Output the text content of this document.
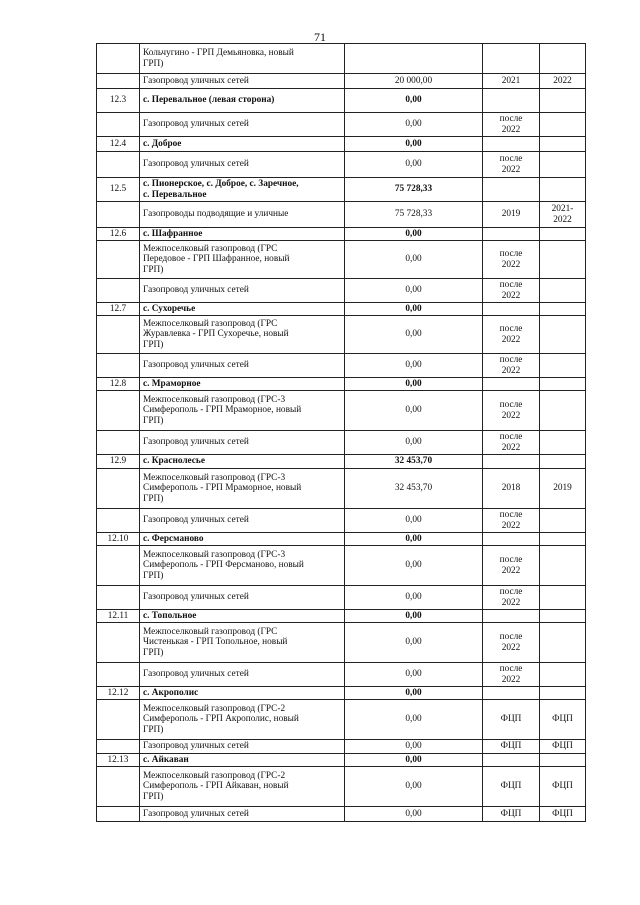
71
	Кольчугино - ГРП Демьяновка, новый
ГРП)			
	Газопровод уличных сетей	20 000,00	2021	2022
12.3	с. Перевальное (левая сторона)	0,00		
	Газопровод уличных сетей	0,00	после
2022	
12.4	с. Доброе	0,00		
	Газопровод уличных сетей	0,00	после
2022	
12.5	с. Пионерское, с. Доброе, с. Заречное,
с. Перевальное	75 728,33		
	Газопроводы подводящие и уличные	75 728,33	2019	2021-
2022
12.6	с. Шафранное	0,00		
	Межпоселковый газопровод (ГРС
Передовое - ГРП Шафранное, новый
ГРП)	0,00	после
2022	
	Газопровод уличных сетей	0,00	после
2022	
12.7	с. Сухоречье	0,00		
	Межпоселковый газопровод (ГРС
Журавлевка - ГРП Сухоречье, новый
ГРП)	0,00	после
2022	
	Газопровод уличных сетей	0,00	после
2022	
12.8	с. Мраморное	0,00		
	Межпоселковый газопровод (ГРС-3
Симферополь - ГРП Мраморное, новый
ГРП)	0,00	после
2022	
	Газопровод уличных сетей	0,00	после
2022	
12.9	с. Краснолесье	32 453,70		
	Межпоселковый газопровод (ГРС-3
Симферополь - ГРП Мраморное, новый
ГРП)	32 453,70	2018	2019
	Газопровод уличных сетей	0,00	после
2022	
12.10	с. Ферсманово	0,00		
	Межпоселковый газопровод (ГРС-3
Симферополь - ГРП Ферсманово, новый
ГРП)	0,00	после
2022	
	Газопровод уличных сетей	0,00	после
2022	
12.11	с. Топольное	0,00		
	Межпоселковый газопровод (ГРС
Чистенькая - ГРП Топольное, новый
ГРП)	0,00	после
2022	
	Газопровод уличных сетей	0,00	после
2022	
12.12	с. Акрополис	0,00		
	Межпоселковый газопровод (ГРС-2
Симферополь - ГРП Акрополис, новый
ГРП)	0,00	ФЦП	ФЦП
	Газопровод уличных сетей	0,00	ФЦП	ФЦП
12.13	с. Айкаван	0,00		
	Межпоселковый газопровод (ГРС-2
Симферополь - ГРП Айкаван, новый
ГРП)	0,00	ФЦП	ФЦП
	Газопровод уличных сетей	0,00	ФЦП	ФЦП
